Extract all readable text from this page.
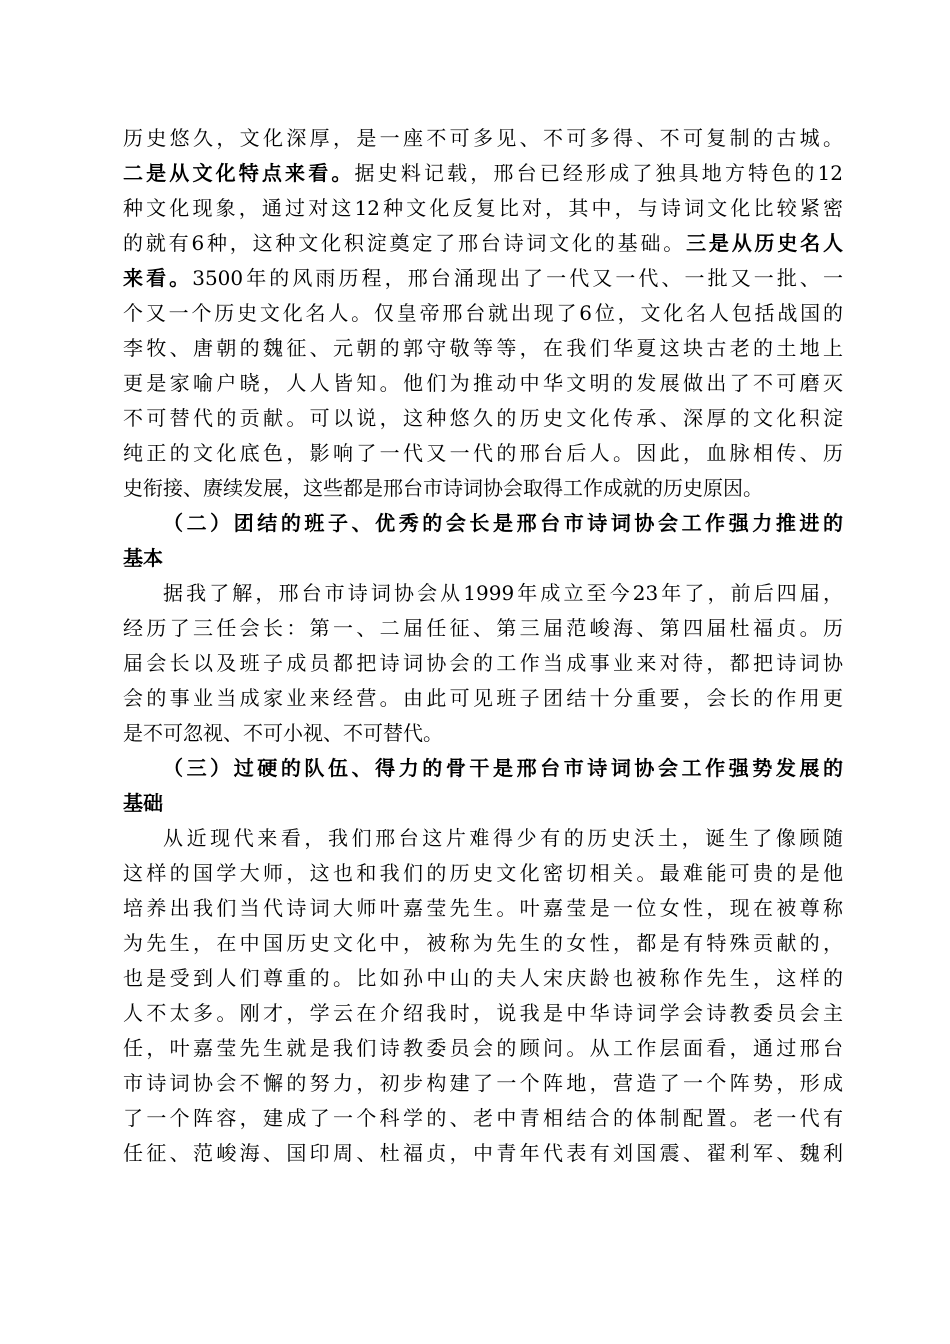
历史悠久，文化深厚，是一座不可多见、不可多得、不可复制的古城。
二是从文化特点来看。据史料记载，邢台已经形成了独具地方特色的12
种文化现象，通过对这12种文化反复比对，其中，与诗词文化比较紧密
的就有6种，这种文化积淀奠定了邢台诗词文化的基础。三是从历史名人
来看。3500年的风雨历程，邢台涌现出了一代又一代、一批又一批、一
个又一个历史文化名人。仅皇帝邢台就出现了6位，文化名人包括战国的
李牧、唐朝的魏征、元朝的郭守敬等等，在我们华夏这块古老的土地上
更是家喻户晓，人人皆知。他们为推动中华文明的发展做出了不可磨灭
不可替代的贡献。可以说，这种悠久的历史文化传承、深厚的文化积淀
纯正的文化底色，影响了一代又一代的邢台后人。因此，血脉相传、历
史衔接、赓续发展，这些都是邢台市诗词协会取得工作成就的历史原因。
（二）团结的班子、优秀的会长是邢台市诗词协会工作强力推进的
基本
据我了解，邢台市诗词协会从1999年成立至今23年了，前后四届，
经历了三任会长：第一、二届任征、第三届范峻海、第四届杜福贞。历
届会长以及班子成员都把诗词协会的工作当成事业来对待，都把诗词协
会的事业当成家业来经营。由此可见班子团结十分重要，会长的作用更
是不可忽视、不可小视、不可替代。
（三）过硬的队伍、得力的骨干是邢台市诗词协会工作强势发展的
基础
从近现代来看，我们邢台这片难得少有的历史沃土，诞生了像顾随
这样的国学大师，这也和我们的历史文化密切相关。最难能可贵的是他
培养出我们当代诗词大师叶嘉莹先生。叶嘉莹是一位女性，现在被尊称
为先生，在中国历史文化中，被称为先生的女性，都是有特殊贡献的，
也是受到人们尊重的。比如孙中山的夫人宋庆龄也被称作先生，这样的
人不太多。刚才，学云在介绍我时，说我是中华诗词学会诗教委员会主
任，叶嘉莹先生就是我们诗教委员会的顾问。从工作层面看，通过邢台
市诗词协会不懈的努力，初步构建了一个阵地，营造了一个阵势，形成
了一个阵容，建成了一个科学的、老中青相结合的体制配置。老一代有
任征、范峻海、国印周、杜福贞，中青年代表有刘国震、翟利军、魏利
